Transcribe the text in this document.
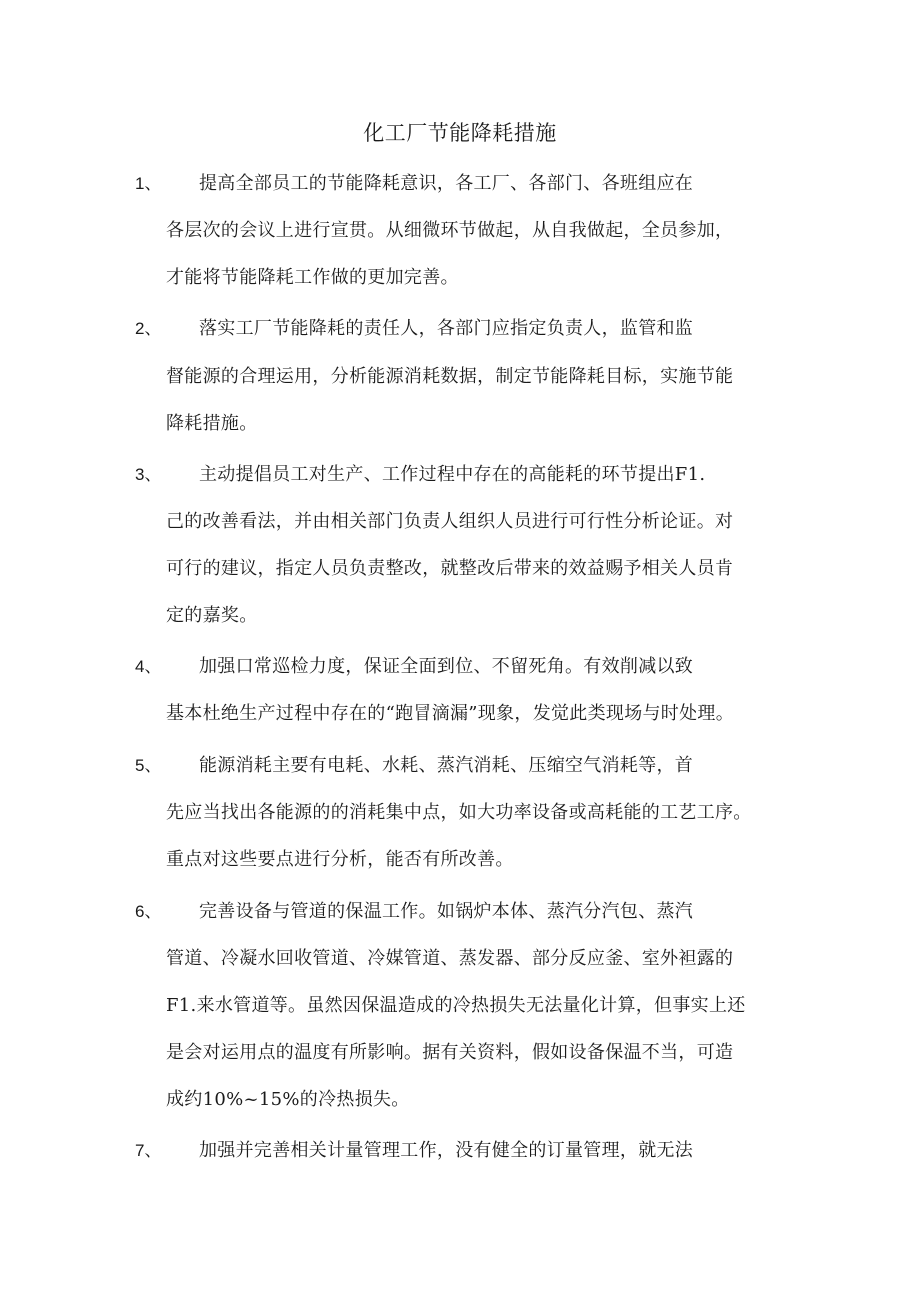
化工厂节能降耗措施
1、 提高全部员工的节能降耗意识，各工厂、各部门、各班组应在
各层次的会议上进行宣贯。从细微环节做起，从自我做起，全员参加，
才能将节能降耗工作做的更加完善。
2、 落实工厂节能降耗的责任人，各部门应指定负责人，监管和监
督能源的合理运用，分析能源消耗数据，制定节能降耗目标，实施节能
降耗措施。
3、 主动提倡员工对生产、工作过程中存在的高能耗的环节提出F1.
己的改善看法，并由相关部门负责人组织人员进行可行性分析论证。对
可行的建议，指定人员负责整改，就整改后带来的效益赐予相关人员肯
定的嘉奖。
4、 加强口常巡检力度，保证全面到位、不留死角。有效削减以致
基本杜绝生产过程中存在的“跑冒滴漏”现象，发觉此类现场与时处理。
5、 能源消耗主要有电耗、水耗、蒸汽消耗、压缩空气消耗等，首
先应当找出各能源的的消耗集中点，如大功率设备或高耗能的工艺工序。
重点对这些要点进行分析，能否有所改善。
6、 完善设备与管道的保温工作。如锅炉本体、蒸汽分汽包、蒸汽
管道、冷凝水回收管道、冷媒管道、蒸发器、部分反应釜、室外袒露的
F1.来水管道等。虽然因保温造成的冷热损失无法量化计算，但事实上还
是会对运用点的温度有所影响。据有关资料，假如设备保温不当，可造
成约10%~15%的冷热损失。
7、 加强并完善相关计量管理工作，没有健全的订量管理，就无法
